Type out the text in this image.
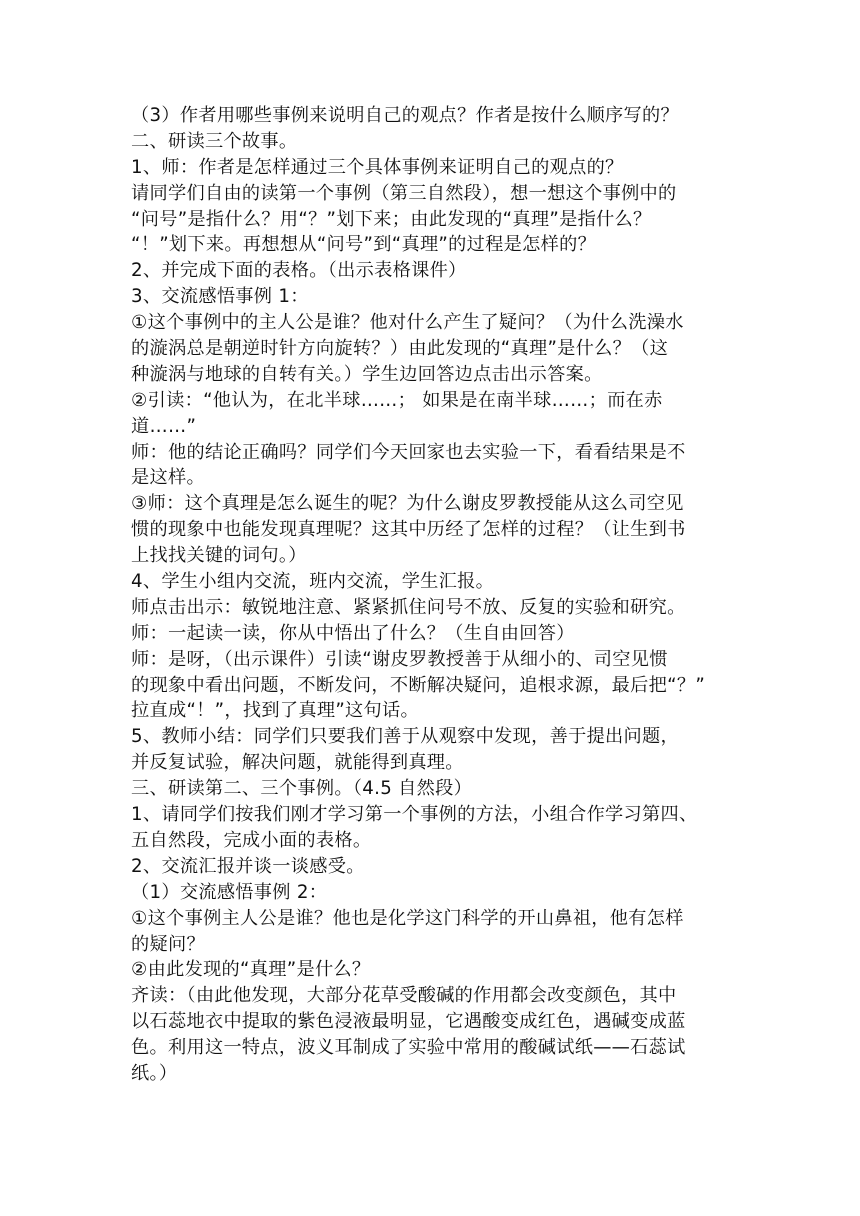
（3）作者用哪些事例来说明自己的观点？作者是按什么顺序写的？
二、研读三个故事。
1、师：作者是怎样通过三个具体事例来证明自己的观点的？
请同学们自由的读第一个事例（第三自然段），想一想这个事例中的
“问号”是指什么？用“？”划下来；由此发现的“真理”是指什么？
“！”划下来。再想想从“问号”到“真理”的过程是怎样的？
2、并完成下面的表格。（出示表格课件）
3、交流感悟事例 1：
①这个事例中的主人公是谁？他对什么产生了疑问？（为什么洗澡水
的漩涡总是朝逆时针方向旋转？）由此发现的“真理”是什么？（这
种漩涡与地球的自转有关。）学生边回答边点击出示答案。
②引读：“他认为，在北半球……； 如果是在南半球……；而在赤
道……”
师：他的结论正确吗？同学们今天回家也去实验一下，看看结果是不
是这样。
③师：这个真理是怎么诞生的呢？为什么谢皮罗教授能从这么司空见
惯的现象中也能发现真理呢？这其中历经了怎样的过程？（让生到书
上找找关键的词句。）
4、学生小组内交流，班内交流，学生汇报。
师点击出示：敏锐地注意、紧紧抓住问号不放、反复的实验和研究。
师：一起读一读，你从中悟出了什么？（生自由回答）
师：是呀，（出示课件）引读“谢皮罗教授善于从细小的、司空见惯
的现象中看出问题，不断发问，不断解决疑问，追根求源，最后把“？”
拉直成“！”，找到了真理”这句话。
5、教师小结：同学们只要我们善于从观察中发现，善于提出问题，
并反复试验，解决问题，就能得到真理。
三、研读第二、三个事例。（4.5 自然段）
1、请同学们按我们刚才学习第一个事例的方法，小组合作学习第四、
五自然段，完成小面的表格。
2、交流汇报并谈一谈感受。
（1）交流感悟事例 2：
①这个事例主人公是谁？他也是化学这门科学的开山鼻祖，他有怎样
的疑问？
②由此发现的“真理”是什么？
齐读：（由此他发现，大部分花草受酸碱的作用都会改变颜色，其中
以石蕊地衣中提取的紫色浸液最明显，它遇酸变成红色，遇碱变成蓝
色。利用这一特点，波义耳制成了实验中常用的酸碱试纸——石蕊试
纸。）
